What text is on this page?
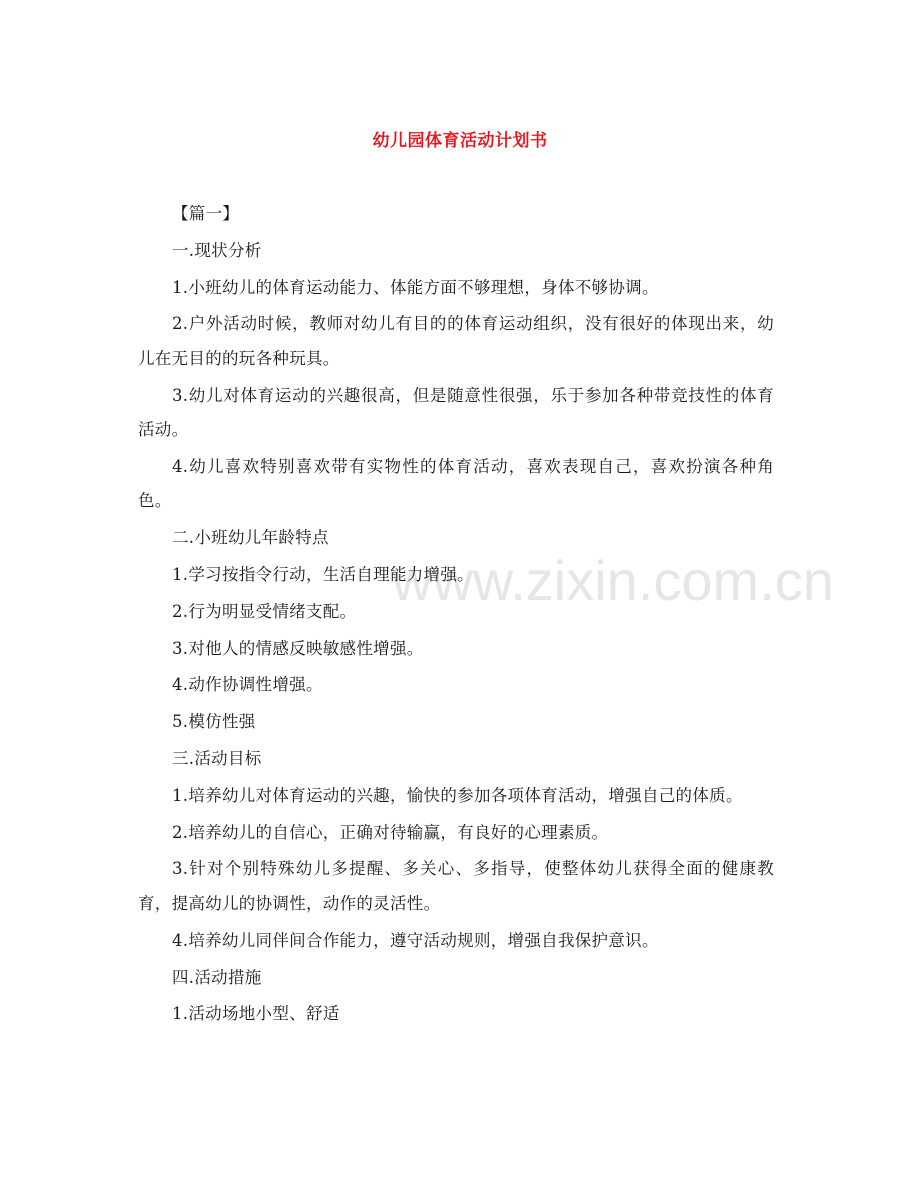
幼儿园体育活动计划书
www.zixin.com.cn

【篇一】

一.现状分析

1.小班幼儿的体育运动能力、体能方面不够理想，身体不够协调。

2.户外活动时候，教师对幼儿有目的的体育运动组织，没有很好的体现出来，幼儿在无目的的玩各种玩具。

3.幼儿对体育运动的兴趣很高，但是随意性很强，乐于参加各种带竞技性的体育活动。

4.幼儿喜欢特别喜欢带有实物性的体育活动，喜欢表现自己，喜欢扮演各种角色。

二.小班幼儿年龄特点

1.学习按指令行动，生活自理能力增强。

2.行为明显受情绪支配。

3.对他人的情感反映敏感性增强。

4.动作协调性增强。

5.模仿性强

三.活动目标

1.培养幼儿对体育运动的兴趣，愉快的参加各项体育活动，增强自己的体质。

2.培养幼儿的自信心，正确对待输赢，有良好的心理素质。

3.针对个别特殊幼儿多提醒、多关心、多指导，使整体幼儿获得全面的健康教育，提高幼儿的协调性，动作的灵活性。

4.培养幼儿同伴间合作能力，遵守活动规则，增强自我保护意识。

四.活动措施

1.活动场地小型、舒适
